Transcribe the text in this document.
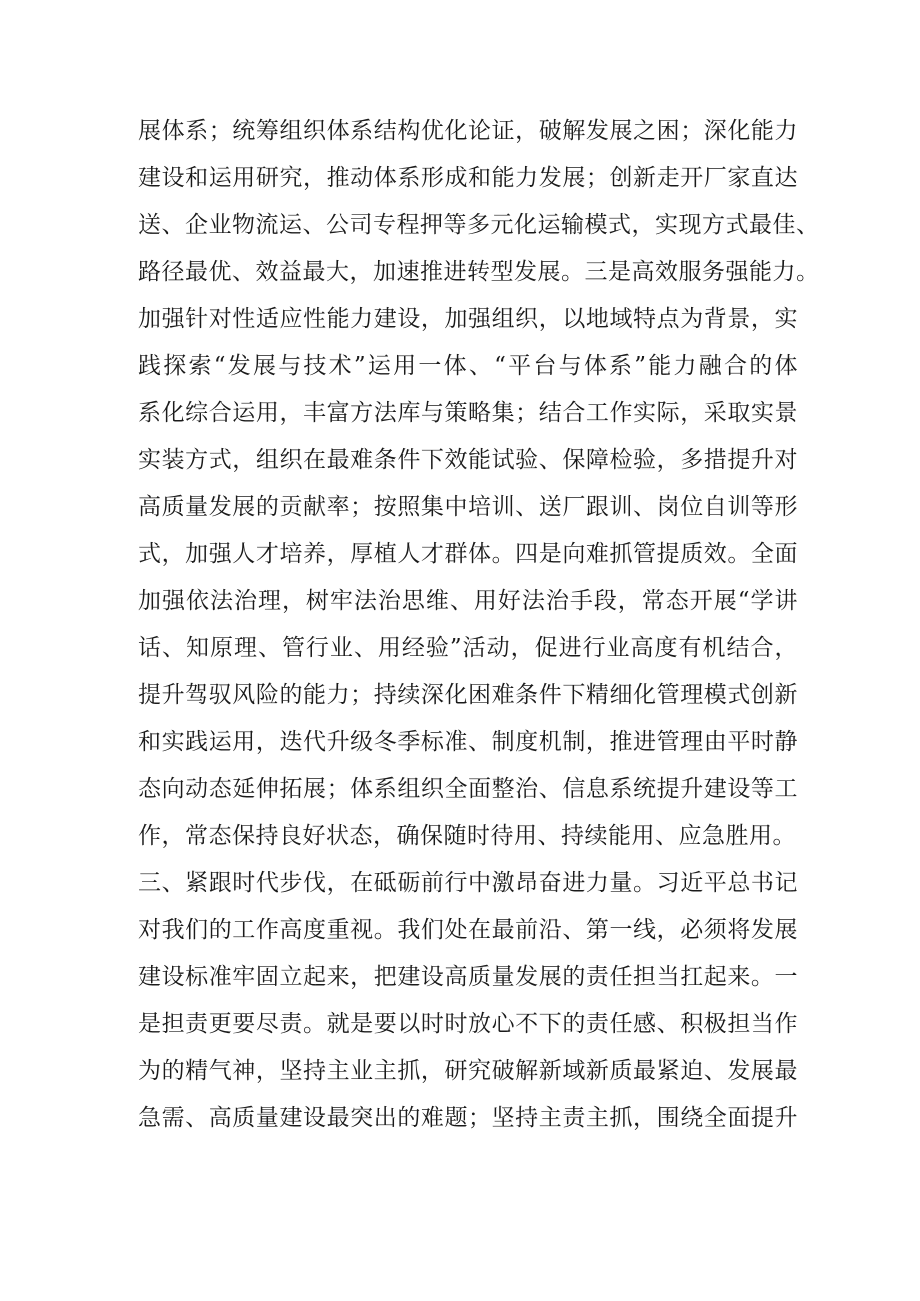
展体系；统筹组织体系结构优化论证，破解发展之困；深化能力
建设和运用研究，推动体系形成和能力发展；创新走开厂家直达
送、企业物流运、公司专程押等多元化运输模式，实现方式最佳、
路径最优、效益最大，加速推进转型发展。三是高效服务强能力。
加强针对性适应性能力建设，加强组织，以地域特点为背景，实
践探索“发展与技术”运用一体、“平台与体系”能力融合的体
系化综合运用，丰富方法库与策略集；结合工作实际，采取实景
实装方式，组织在最难条件下效能试验、保障检验，多措提升对
高质量发展的贡献率；按照集中培训、送厂跟训、岗位自训等形
式，加强人才培养，厚植人才群体。四是向难抓管提质效。全面
加强依法治理，树牢法治思维、用好法治手段，常态开展“学讲
话、知原理、管行业、用经验”活动，促进行业高度有机结合，
提升驾驭风险的能力；持续深化困难条件下精细化管理模式创新
和实践运用，迭代升级冬季标准、制度机制，推进管理由平时静
态向动态延伸拓展；体系组织全面整治、信息系统提升建设等工
作，常态保持良好状态，确保随时待用、持续能用、应急胜用。
三、紧跟时代步伐，在砥砺前行中激昂奋进力量。习近平总书记
对我们的工作高度重视。我们处在最前沿、第一线，必须将发展
建设标准牢固立起来，把建设高质量发展的责任担当扛起来。一
是担责更要尽责。就是要以时时放心不下的责任感、积极担当作
为的精气神，坚持主业主抓，研究破解新域新质最紧迫、发展最
急需、高质量建设最突出的难题；坚持主责主抓，围绕全面提升
